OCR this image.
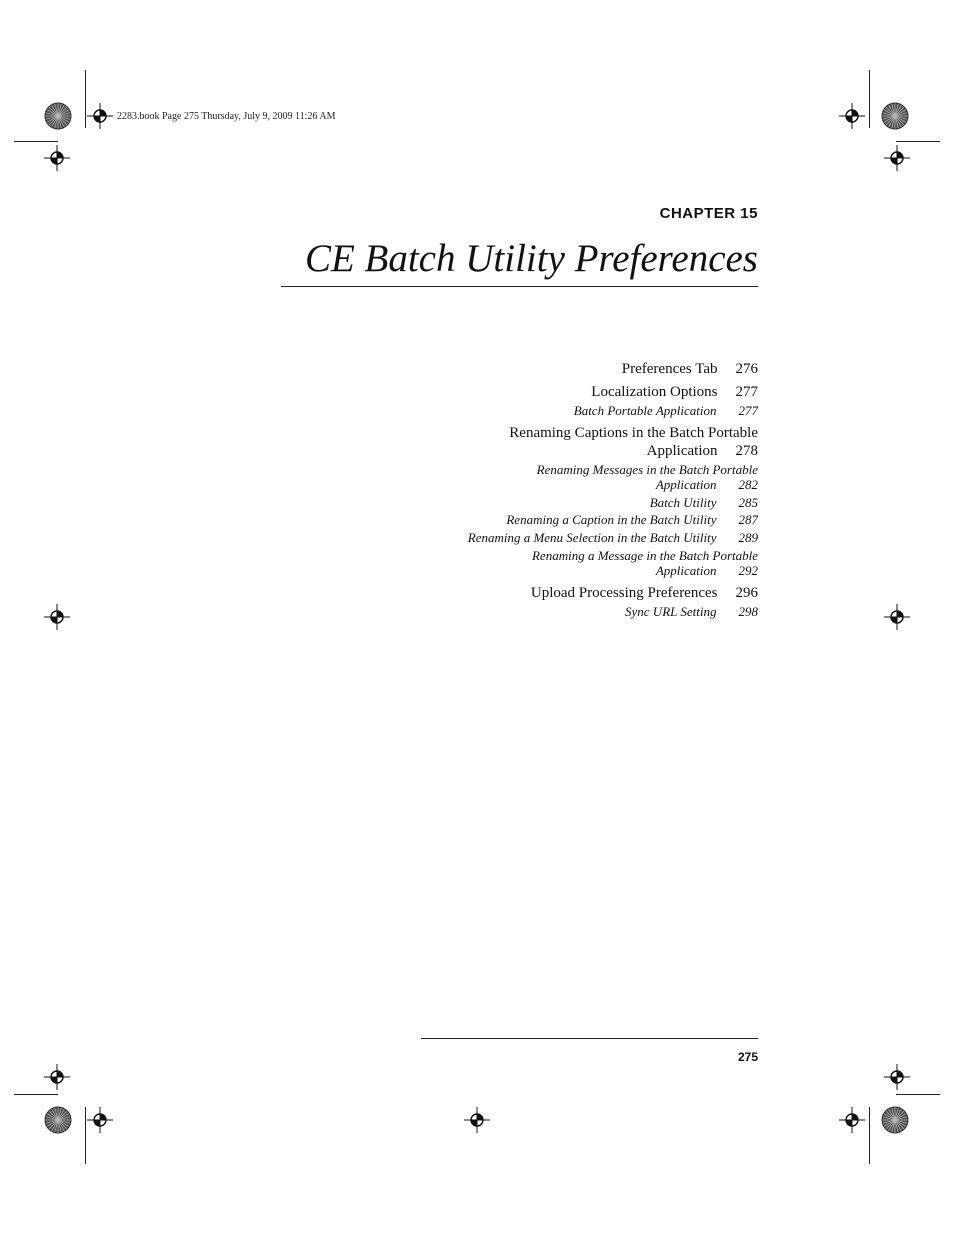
2283.book Page 275 Thursday, July 9, 2009 11:26 AM
CHAPTER 15
CE Batch Utility Preferences
Preferences Tab 276
Localization Options 277
Batch Portable Application 277
Renaming Captions in the Batch Portable
Application 278
Renaming Messages in the Batch Portable
Application 282
Batch Utility 285
Renaming a Caption in the Batch Utility 287
Renaming a Menu Selection in the Batch Utility 289
Renaming a Message in the Batch Portable
Application 292
Upload Processing Preferences 296
Sync URL Setting 298
275
